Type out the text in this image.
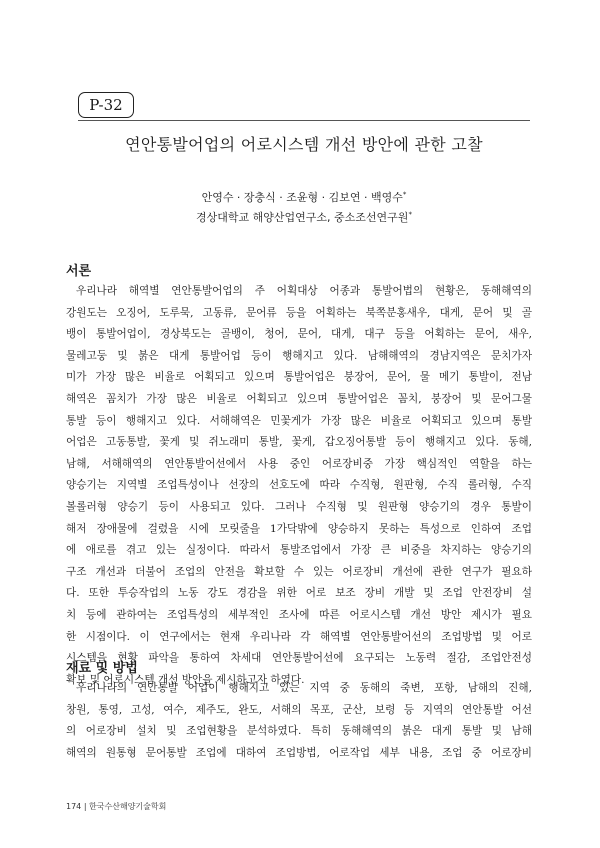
P-32
연안통발어업의 어로시스템 개선 방안에 관한 고찰
안영수 · 장충식 · 조윤형 · 김보연 · 백영수*
경상대학교 해양산업연구소, 중소조선연구원*
서론
우리나라 해역별 연안통발어업의 주 어획대상 어종과 통발어법의 현황은, 동해해역의
강원도는 오징어, 도루묵, 고동류, 문어류 등을 어획하는 북쪽분홍새우, 대게, 문어 및 골
뱅이 통발어업이, 경상북도는 골뱅이, 청어, 문어, 대게, 대구 등을 어획하는 문어, 새우,
물레고둥 및 붉은 대게 통발어업 등이 행해지고 있다. 남해해역의 경남지역은 문치가자
미가 가장 많은 비율로 어획되고 있으며 통발어업은 붕장어, 문어, 물 메기 통발이, 전남
해역은 꼼치가 가장 많은 비율로 어획되고 있으며 통발어업은 꼼치, 붕장어 및 문어그물
통발 등이 행해지고 있다. 서해해역은 민꽃게가 가장 많은 비율로 어획되고 있으며 통발
어업은 고동통발, 꽃게 및 쥐노래미 통발, 꽃게, 갑오징어통발 등이 행해지고 있다. 동해,
남해, 서해해역의 연안통발어선에서 사용 중인 어로장비중 가장 핵심적인 역할을 하는
양승기는 지역별 조업특성이나 선장의 선호도에 따라 수직형, 원판형, 수직 롤러형, 수직
볼롤러형 양승기 등이 사용되고 있다. 그러나 수직형 및 원판형 양승기의 경우 통발이
해저 장애물에 걸렸을 시에 모릿줄을 1가닥밖에 양승하지 못하는 특성으로 인하여 조업
에 애로를 겪고 있는 실정이다. 따라서 통발조업에서 가장 큰 비중을 차지하는 양승기의
구조 개선과 더불어 조업의 안전을 확보할 수 있는 어로장비 개선에 관한 연구가 필요하
다. 또한 투승작업의 노동 강도 경감을 위한 어로 보조 장비 개발 및 조업 안전장비 설
치 등에 관하여는 조업특성의 세부적인 조사에 따른 어로시스템 개선 방안 제시가 필요
한 시점이다. 이 연구에서는 현재 우리나라 각 해역별 연안통발어선의 조업방법 및 어로
시스템을 현황 파악을 통하여 차세대 연안통발어선에 요구되는 노동력 절감, 조업안전성
확보 및 어로시스템 개선 방안을 제시하고자 하였다.
재료 및 방법
우리나라의 연안통발 어업이 행해지고 있는 지역 중 동해의 죽변, 포항, 남해의 진해,
창원, 통영, 고성, 여수, 제주도, 완도, 서해의 목포, 군산, 보령 등 지역의 연안통발 어선
의 어로장비 설치 및 조업현황을 분석하였다. 특히 동해해역의 붉은 대게 통발 및 남해
해역의 원통형 문어통발 조업에 대하여 조업방법, 어로작업 세부 내용, 조업 중 어로장비
174 | 한국수산해양기술학회
